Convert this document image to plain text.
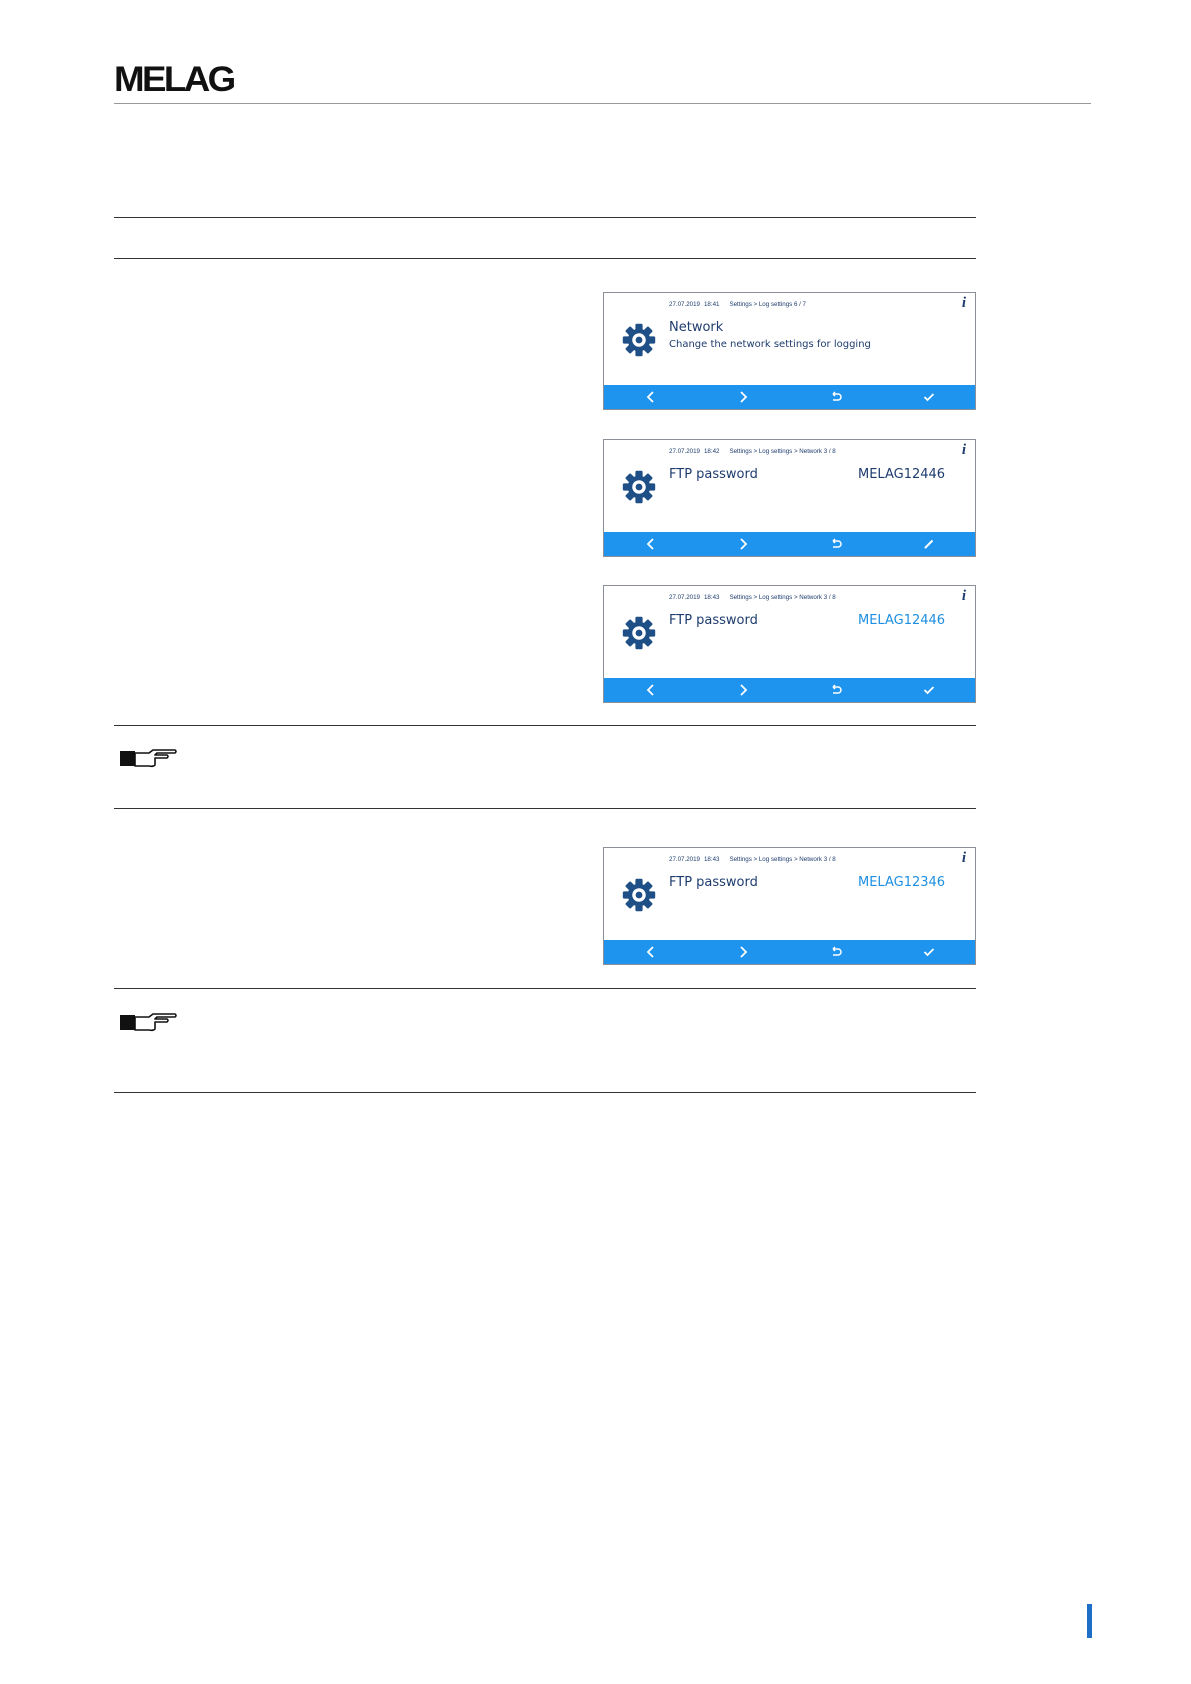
MELAG
27.07.2019 18:41 Settings > Log settings 6 / 7	i
Network
Change the network settings for logging
27.07.2019 18:42 Settings > Log settings > Network 3 / 8	i
FTP password	MELAG12446
27.07.2019 18:43 Settings > Log settings > Network 3 / 8	i
FTP password	MELAG12446
27.07.2019 18:43 Settings > Log settings > Network 3 / 8	i
FTP password	MELAG12346
